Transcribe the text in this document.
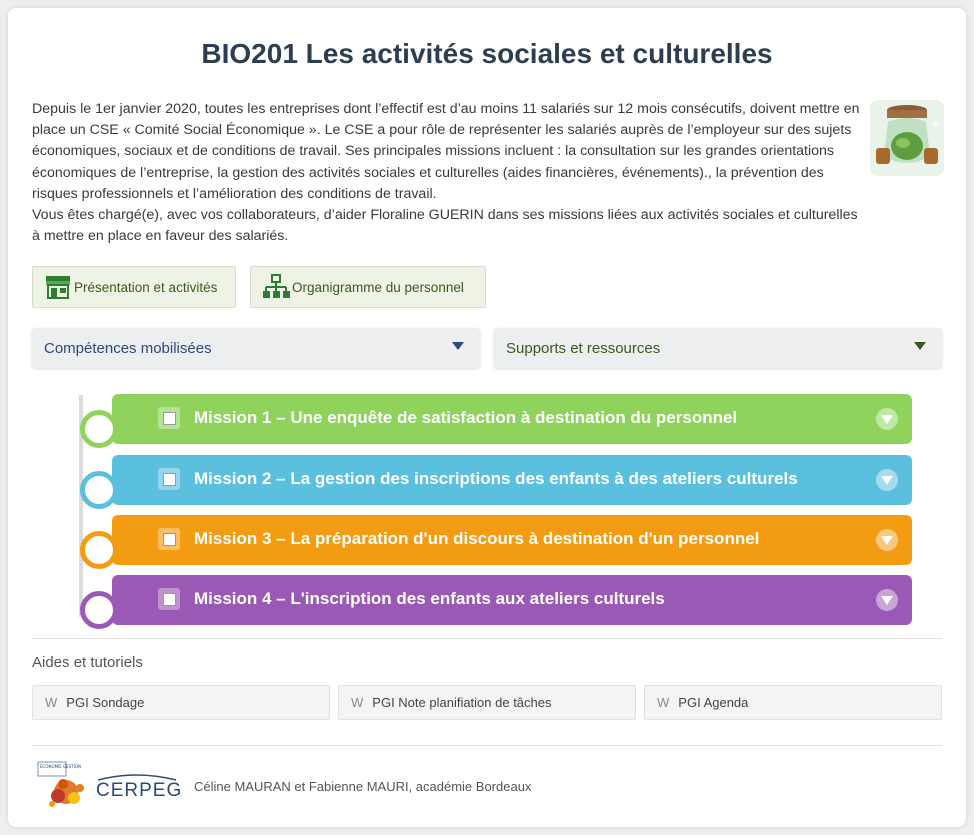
BIO201 Les activités sociales et culturelles

Depuis le 1er janvier 2020, toutes les entreprises dont l’effectif est d’au moins 11 salariés sur 12 mois consécutifs, doivent mettre en place un CSE « Comité Social Économique ». Le CSE a pour rôle de représenter les salariés auprès de l’employeur sur des sujets économiques, sociaux et de conditions de travail. Ses principales missions incluent : la consultation sur les grandes orientations économiques de l’entreprise, la gestion des activités sociales et culturelles (aides financières, événements)., la prévention des risques professionnels et l’amélioration des conditions de travail.

Vous êtes chargé(e), avec vos collaborateurs, d’aider Floraline GUERIN dans ses missions liées aux activités sociales et culturelles à mettre en place en faveur des salariés.

Présentation et activités	Organigramme du personnel
Compétences mobilisées	Supports et ressources
Mission 1 – Une enquête de satisfaction à destination du personnel
Mission 2 – La gestion des inscriptions des enfants à des ateliers culturels
Mission 3 – La préparation d'un discours à destination d'un personnel
Mission 4 – L'inscription des enfants aux ateliers culturels
Aides et tutoriels
W PGI Sondage	W PGI Note planifiation de tâches	W PGI Agenda
ÉCONOMIE GESTION
CERPEG Céline MAURAN et Fabienne MAURI, académie Bordeaux
